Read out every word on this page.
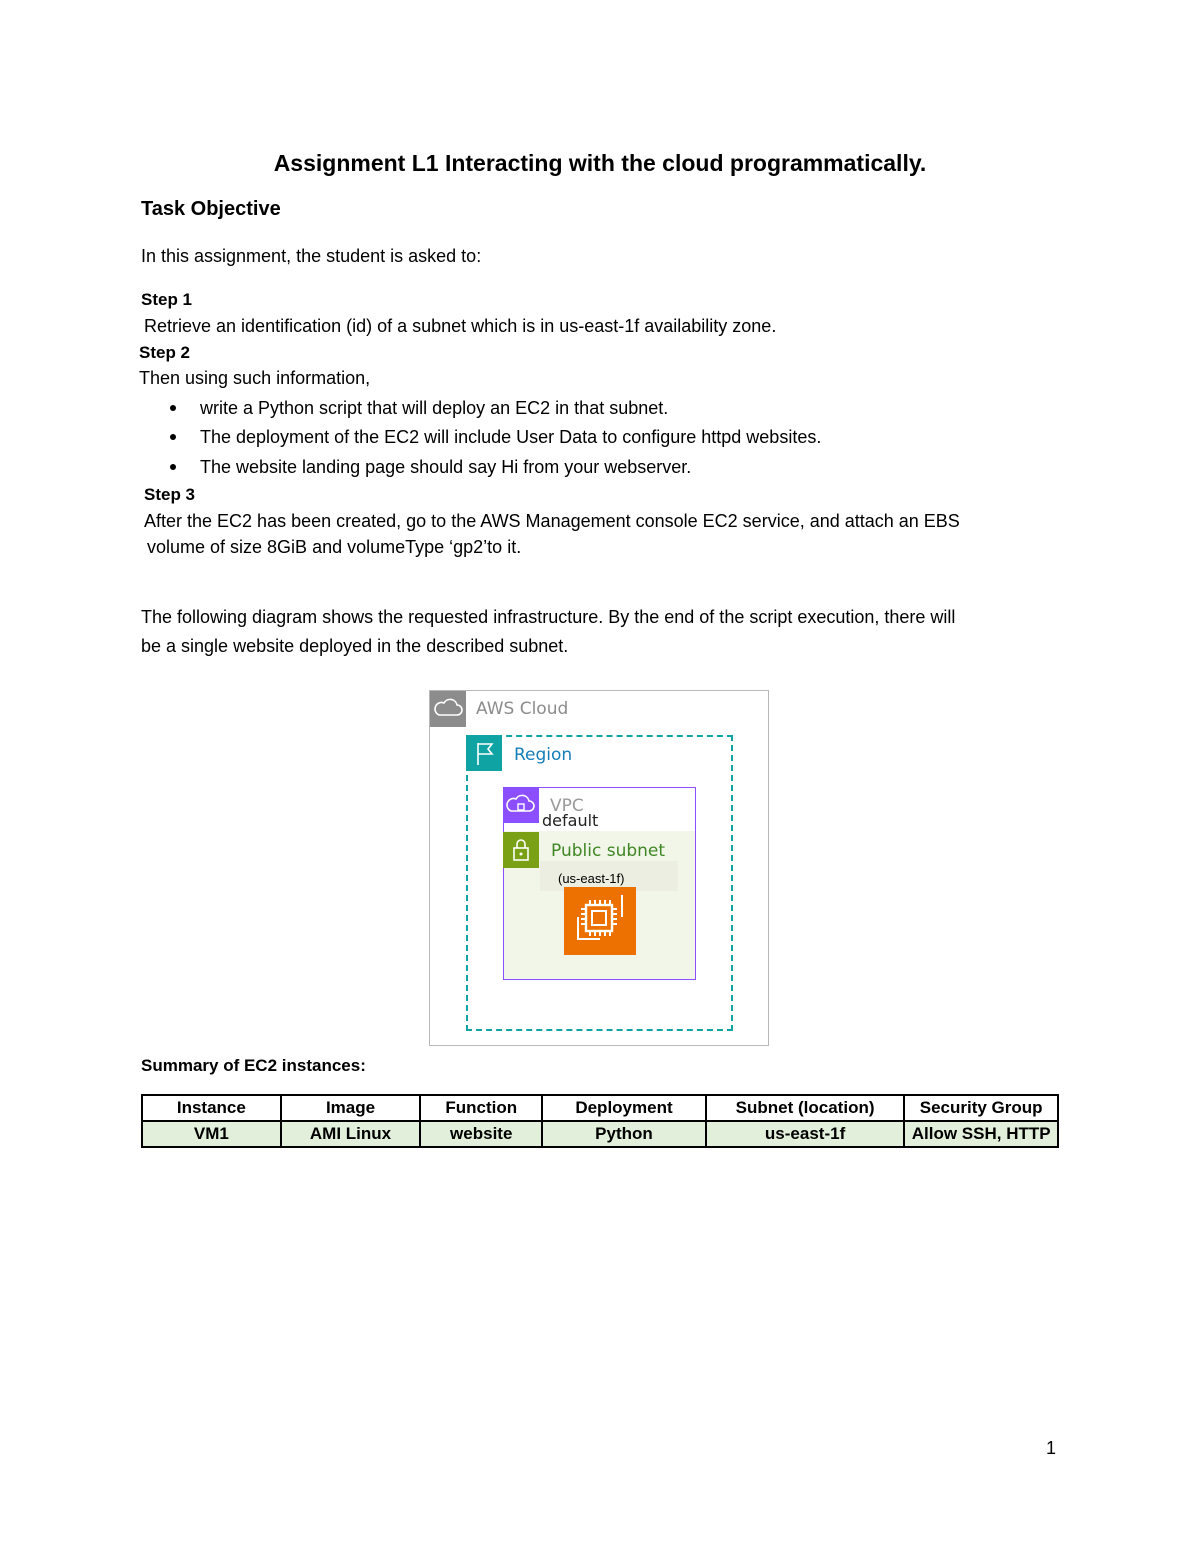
Assignment L1 Interacting with the cloud programmatically.
Task Objective
In this assignment, the student is asked to:
Step 1
Retrieve an identification (id) of a subnet which is in us-east-1f availability zone.
Step 2
Then using such information,
write a Python script that will deploy an EC2 in that subnet.
The deployment of the EC2 will include User Data to configure httpd websites.
The website landing page should say Hi from your webserver.
Step 3
After the EC2 has been created, go to the AWS Management console EC2 service, and attach an EBS
volume of size 8GiB and volumeType ‘gp2’to it.
The following diagram shows the requested infrastructure. By the end of the script execution, there will
be a single website deployed in the described subnet.
AWS Cloud
Region
VPC
default
Public subnet
(us-east-1f)
Summary of EC2 instances:
Instance	Image	Function	Deployment	Subnet (location)	Security Group
VM1	AMI Linux	website	Python	us-east-1f	Allow SSH, HTTP
1
